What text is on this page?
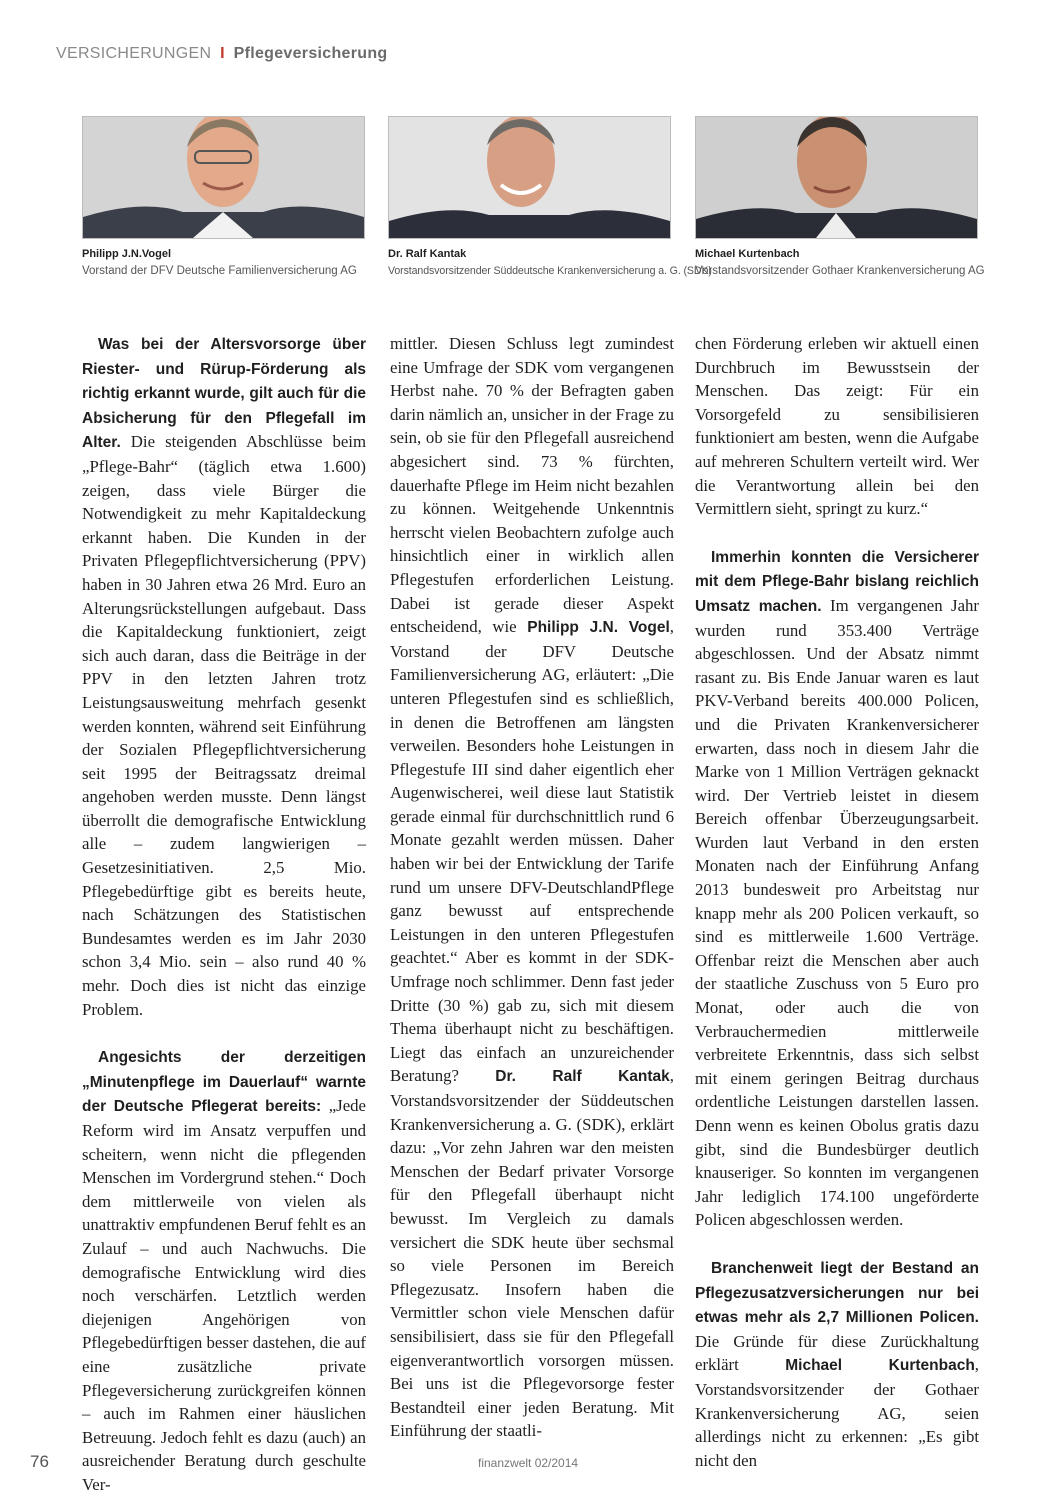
VERSICHERUNGEN I Pflegeversicherung
Philipp J.N.Vogel
Vorstand der DFV Deutsche Familienversicherung AG
Dr. Ralf Kantak
Vorstandsvorsitzender Süddeutsche Krankenversicherung a. G. (SDK)
Michael Kurtenbach
Vorstandsvorsitzender Gothaer Krankenversicherung AG

Was bei der Altersvorsorge über Riester- und Rürup-Förderung als richtig erkannt wurde, gilt auch für die Absicherung für den Pflegefall im Alter. Die steigenden Abschlüsse beim „Pflege-Bahr“ (täglich etwa 1.600) zeigen, dass viele Bürger die Notwendigkeit zu mehr Kapitaldeckung erkannt haben. Die Kunden in der Privaten Pflegepflichtversicherung (PPV) haben in 30 Jahren etwa 26 Mrd. Euro an Alterungsrückstellungen aufgebaut. Dass die Kapitaldeckung funktioniert, zeigt sich auch daran, dass die Beiträge in der PPV in den letzten Jahren trotz Leistungsausweitung mehrfach gesenkt werden konnten, während seit Einführung der Sozialen Pflegepflichtversicherung seit 1995 der Beitragssatz dreimal angehoben werden musste. Denn längst überrollt die demografische Entwicklung alle – zudem langwierigen – Gesetzesinitiativen. 2,5 Mio. Pflegebedürftige gibt es bereits heute, nach Schätzungen des Statistischen Bundesamtes werden es im Jahr 2030 schon 3,4 Mio. sein – also rund 40 % mehr. Doch dies ist nicht das einzige Problem.

Angesichts der derzeitigen „Minutenpflege im Dauerlauf“ warnte der Deutsche Pflegerat bereits: „Jede Reform wird im Ansatz verpuffen und scheitern, wenn nicht die pflegenden Menschen im Vordergrund stehen.“ Doch dem mittlerweile von vielen als unattraktiv empfundenen Beruf fehlt es an Zulauf – und auch Nachwuchs. Die demografische Entwicklung wird dies noch verschärfen. Letztlich werden diejenigen Angehörigen von Pflegebedürftigen besser dastehen, die auf eine zusätzliche private Pflegeversicherung zurückgreifen können – auch im Rahmen einer häuslichen Betreuung. Jedoch fehlt es dazu (auch) an ausreichender Beratung durch geschulte Ver-

mittler. Diesen Schluss legt zumindest eine Umfrage der SDK vom vergangenen Herbst nahe. 70 % der Befragten gaben darin nämlich an, unsicher in der Frage zu sein, ob sie für den Pflegefall ausreichend abgesichert sind. 73 % fürchten, dauerhafte Pflege im Heim nicht bezahlen zu können. Weitgehende Unkenntnis herrscht vielen Beobachtern zufolge auch hinsichtlich einer in wirklich allen Pflegestufen erforderlichen Leistung. Dabei ist gerade dieser Aspekt entscheidend, wie Philipp J.N. Vogel, Vorstand der DFV Deutsche Familienversicherung AG, erläutert: „Die unteren Pflegestufen sind es schließlich, in denen die Betroffenen am längsten verweilen. Besonders hohe Leistungen in Pflegestufe III sind daher eigentlich eher Augenwischerei, weil diese laut Statistik gerade einmal für durchschnittlich rund 6 Monate gezahlt werden müssen. Daher haben wir bei der Entwicklung der Tarife rund um unsere DFV-DeutschlandPflege ganz bewusst auf entsprechende Leistungen in den unteren Pflegestufen geachtet.“ Aber es kommt in der SDK-Umfrage noch schlimmer. Denn fast jeder Dritte (30 %) gab zu, sich mit diesem Thema überhaupt nicht zu beschäftigen. Liegt das einfach an unzureichender Beratung? Dr. Ralf Kantak, Vorstandsvorsitzender der Süddeutschen Krankenversicherung a. G. (SDK), erklärt dazu: „Vor zehn Jahren war den meisten Menschen der Bedarf privater Vorsorge für den Pflegefall überhaupt nicht bewusst. Im Vergleich zu damals versichert die SDK heute über sechsmal so viele Personen im Bereich Pflegezusatz. Insofern haben die Vermittler schon viele Menschen dafür sensibilisiert, dass sie für den Pflegefall eigenverantwortlich vorsorgen müssen. Bei uns ist die Pflegevorsorge fester Bestandteil einer jeden Beratung. Mit Einführung der staatli-

chen Förderung erleben wir aktuell einen Durchbruch im Bewusstsein der Menschen. Das zeigt: Für ein Vorsorgefeld zu sensibilisieren funktioniert am besten, wenn die Aufgabe auf mehreren Schultern verteilt wird. Wer die Verantwortung allein bei den Vermittlern sieht, springt zu kurz.“

Immerhin konnten die Versicherer mit dem Pflege-Bahr bislang reichlich Umsatz machen. Im vergangenen Jahr wurden rund 353.400 Verträge abgeschlossen. Und der Absatz nimmt rasant zu. Bis Ende Januar waren es laut PKV-Verband bereits 400.000 Policen, und die Privaten Krankenversicherer erwarten, dass noch in diesem Jahr die Marke von 1 Million Verträgen geknackt wird. Der Vertrieb leistet in diesem Bereich offenbar Überzeugungsarbeit. Wurden laut Verband in den ersten Monaten nach der Einführung Anfang 2013 bundesweit pro Arbeitstag nur knapp mehr als 200 Policen verkauft, so sind es mittlerweile 1.600 Verträge. Offenbar reizt die Menschen aber auch der staatliche Zuschuss von 5 Euro pro Monat, oder auch die von Verbrauchermedien mittlerweile verbreitete Erkenntnis, dass sich selbst mit einem geringen Beitrag durchaus ordentliche Leistungen darstellen lassen. Denn wenn es keinen Obolus gratis dazu gibt, sind die Bundesbürger deutlich knauseriger. So konnten im vergangenen Jahr lediglich 174.100 ungeförderte Policen abgeschlossen werden.

Branchenweit liegt der Bestand an Pflegezusatzversicherungen nur bei etwas mehr als 2,7 Millionen Policen. Die Gründe für diese Zurückhaltung erklärt Michael Kurtenbach, Vorstandsvorsitzender der Gothaer Krankenversicherung AG, seien allerdings nicht zu erkennen: „Es gibt nicht den

76	finanzwelt 02/2014
